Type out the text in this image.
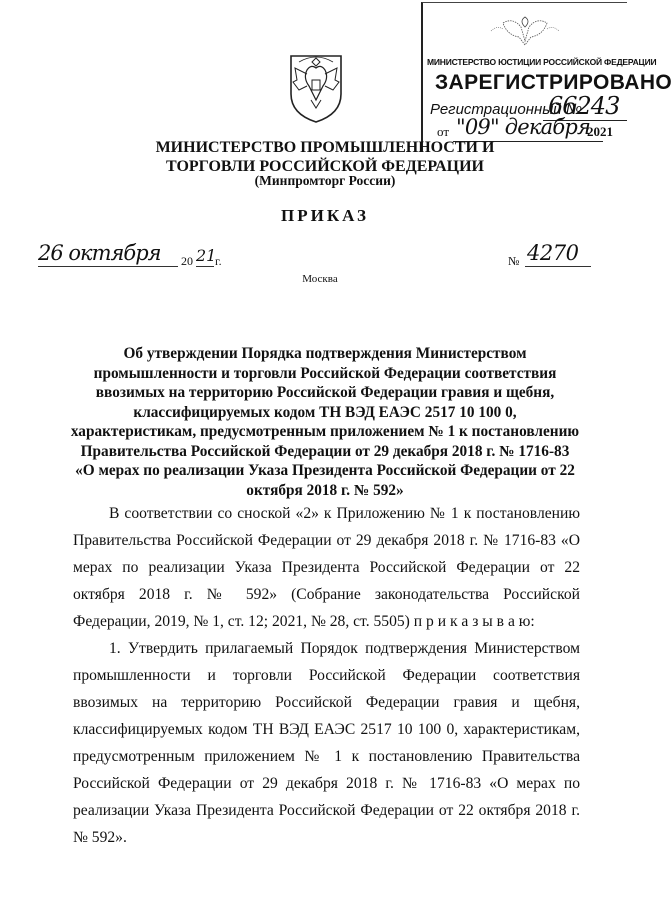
МИНИСТЕРСТВО ЮСТИЦИИ РОССИЙСКОЙ ФЕДЕРАЦИИ
ЗАРЕГИСТРИРОВАНО
Регистрационный №
66243
от "09" декабря
2021
МИНИСТЕРСТВО ПРОМЫШЛЕННОСТИ И ТОРГОВЛИ РОССИЙСКОЙ ФЕДЕРАЦИИ
(Минпромторг России)
ПРИКАЗ
26 октября 20 21
г.	№ 4270
Москва
Об утверждении Порядка подтверждения Министерством промышленности и торговли Российской Федерации соответствия ввозимых на территорию Российской Федерации гравия и щебня, классифицируемых кодом ТН ВЭД ЕАЭС 2517 10 100 0, характеристикам, предусмотренным приложением № 1 к постановлению Правительства Российской Федерации от 29 декабря 2018 г. № 1716-83 «О мерах по реализации Указа Президента Российской Федерации от 22 октября 2018 г. № 592»

В соответствии со сноской «2» к Приложению № 1 к постановлению Правительства Российской Федерации от 29 декабря 2018 г. № 1716-83 «О мерах по реализации Указа Президента Российской Федерации от 22 октября 2018 г. № 592» (Собрание законодательства Российской Федерации, 2019, № 1, ст. 12; 2021, № 28, ст. 5505) п р и к а з ы в а ю:

1. Утвердить прилагаемый Порядок подтверждения Министерством промышленности и торговли Российской Федерации соответствия ввозимых на территорию Российской Федерации гравия и щебня, классифицируемых кодом ТН ВЭД ЕАЭС 2517 10 100 0, характеристикам, предусмотренным приложением № 1 к постановлению Правительства Российской Федерации от 29 декабря 2018 г. № 1716-83 «О мерах по реализации Указа Президента Российской Федерации от 22 октября 2018 г. № 592».
